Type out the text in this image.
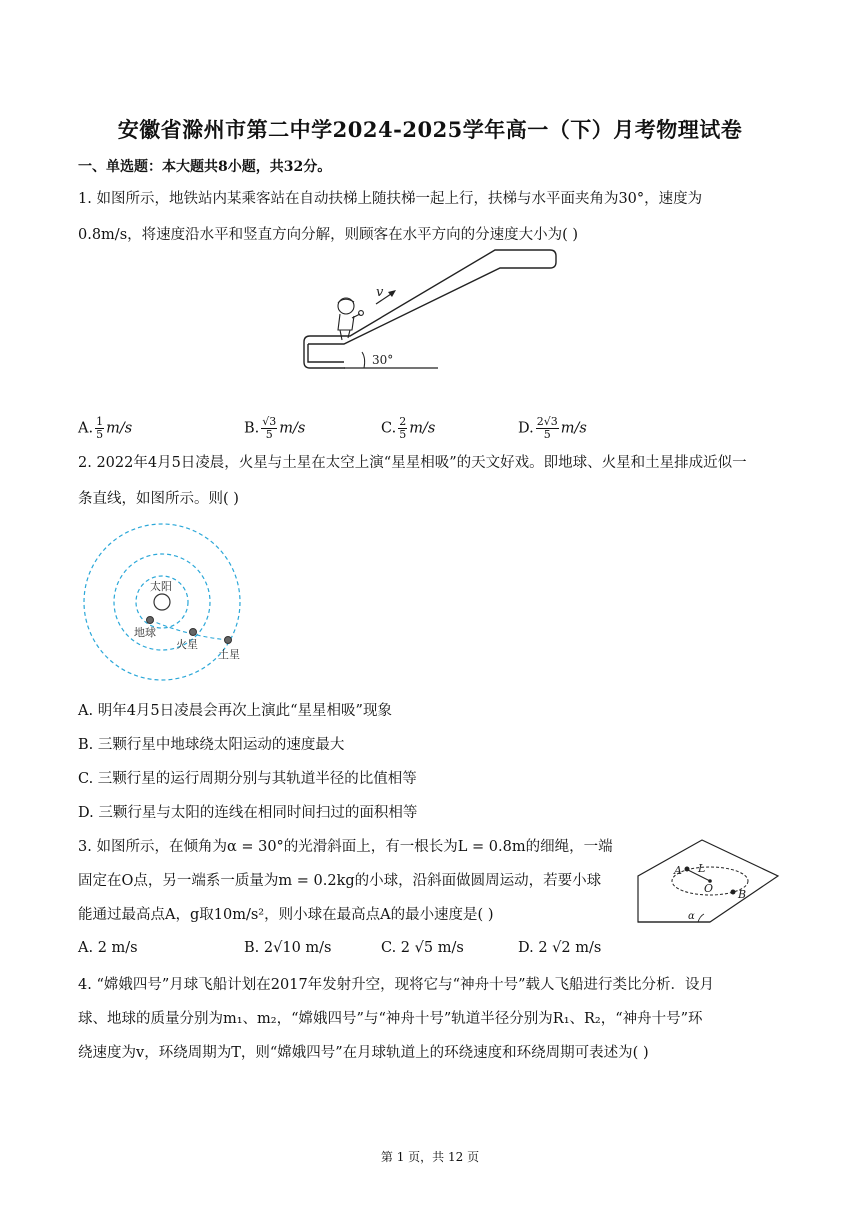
安徽省滁州市第二中学2024-2025学年高一（下）月考物理试卷
一、单选题：本大题共8小题，共32分。
1. 如图所示，地铁站内某乘客站在自动扶梯上随扶梯一起上行，扶梯与水平面夹角为30°，速度为
0.8m/s，将速度沿水平和竖直方向分解，则顾客在水平方向的分速度大小为( )
30°
v
A. $\frac{1}{5} m/s$	B. $\frac{√3}{5} m/s$	C. $\frac{2}{5} m/s$	D. $\frac{2√3}{5} m/s$
2. 2022年4月5日凌晨，火星与土星在太空上演“星星相吸”的天文好戏。即地球、火星和土星排成近似一
条直线，如图所示。则( )
太阳
地球
火星
土星
A. 明年4月5日凌晨会再次上演此“星星相吸”现象
B. 三颗行星中地球绕太阳运动的速度最大
C. 三颗行星的运行周期分别与其轨道半径的比值相等
D. 三颗行星与太阳的连线在相同时间扫过的面积相等
3. 如图所示，在倾角为α = 30°的光滑斜面上，有一根长为L = 0.8m的细绳，一端
固定在O点，另一端系一质量为m = 0.2kg的小球，沿斜面做圆周运动，若要小球
能通过最高点A，g取10m/s²，则小球在最高点A的最小速度是( )
A L
O B
α
A. 2 m/s	B. 2√10 m/s	C. 2 √5 m/s	D. 2 √2 m/s
4. “嫦娥四号”月球飞船计划在2017年发射升空，现将它与“神舟十号”载人飞船进行类比分析．设月
球、地球的质量分别为m₁、m₂，“嫦娥四号”与“神舟十号”轨道半径分别为R₁、R₂，“神舟十号”环
绕速度为v，环绕周期为T，则“嫦娥四号”在月球轨道上的环绕速度和环绕周期可表述为( )
第 1 页，共 12 页
